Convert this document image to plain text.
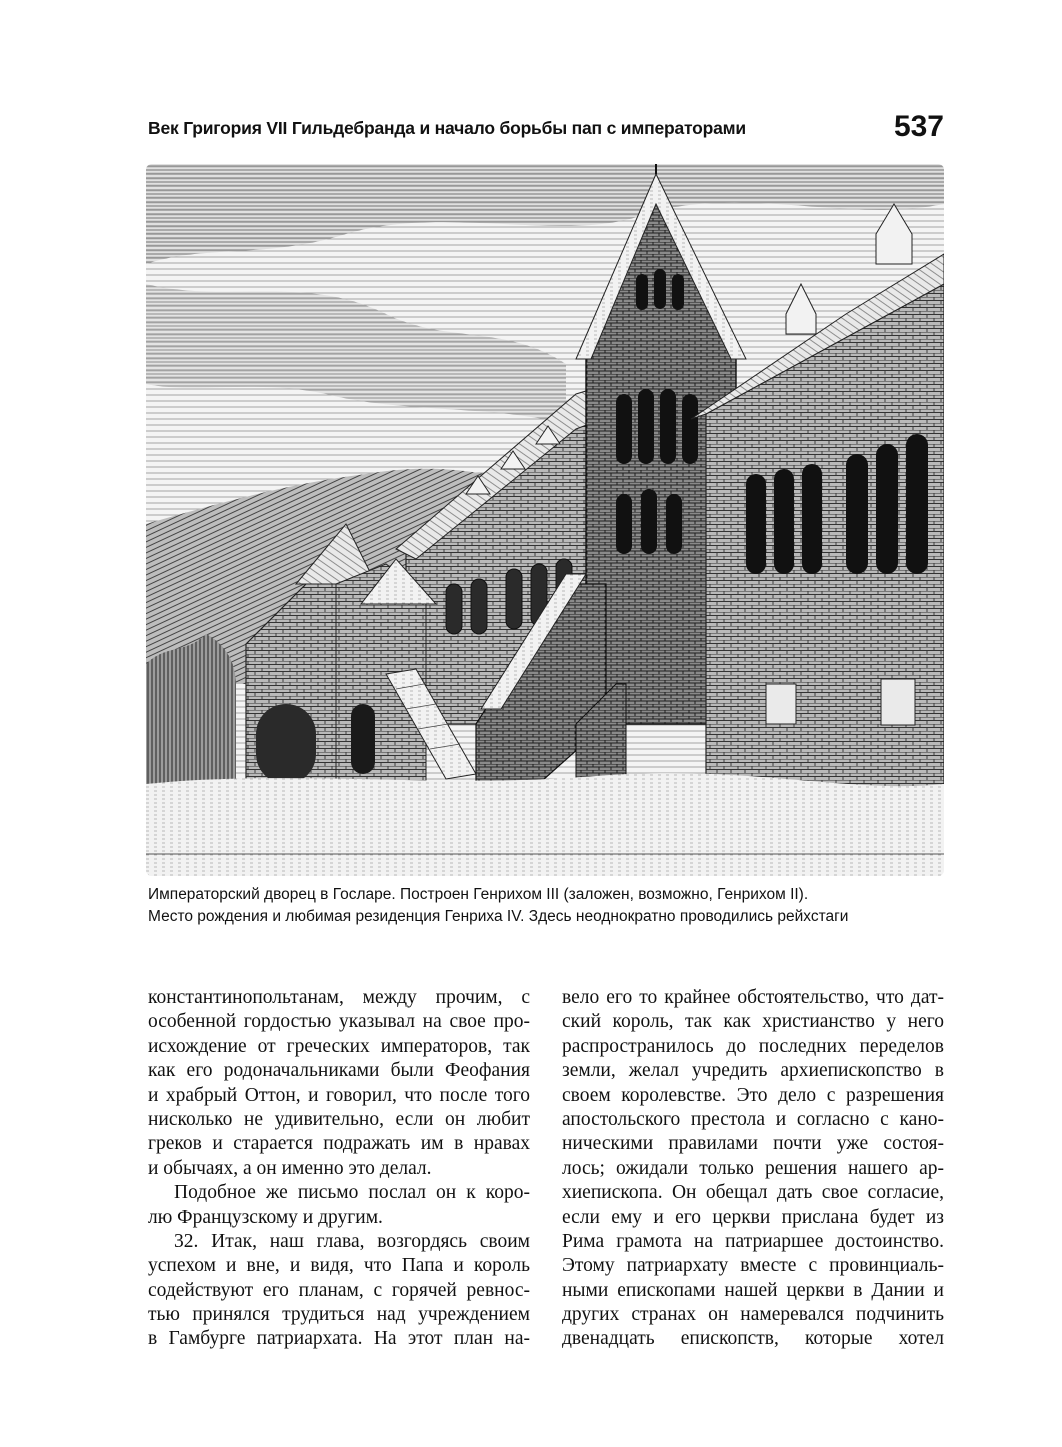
Век Григория VII Гильдебранда и начало борьбы пап с императорами	537
Императорский дворец в Госларе. Построен Генрихом III (заложен, возможно, Генрихом II).
Место рождения и любимая резиденция Генриха IV. Здесь неоднократно проводились рейхстаги
константинопольтанам, между прочим, с
особенной гордостью указывал на свое про-
исхождение от греческих императоров, так
как его родоначальниками были Феофания
и храбрый Оттон, и говорил, что после того
нисколько не удивительно, если он любит
греков и старается подражать им в нравах
и обычаях, а он именно это делал.
Подобное же письмо послал он к коро-
лю Французскому и другим.
32. Итак, наш глава, возгордясь своим
успехом и вне, и видя, что Папа и король
содействуют его планам, с горячей ревнос-
тью принялся трудиться над учреждением
в Гамбурге патриархата. На этот план на-
вело его то крайнее обстоятельство, что дат-
ский король, так как христианство у него
распространилось до последних переделов
земли, желал учредить архиепископство в
своем королевстве. Это дело с разрешения
апостольского престола и согласно с кано-
ническими правилами почти уже состоя-
лось; ожидали только решения нашего ар-
хиепископа. Он обещал дать свое согласие,
если ему и его церкви прислана будет из
Рима грамота на патриаршее достоинство.
Этому патриархату вместе с провинциаль-
ными епископами нашей церкви в Дании и
других странах он намеревался подчинить
двенадцать епископств, которые хотел
